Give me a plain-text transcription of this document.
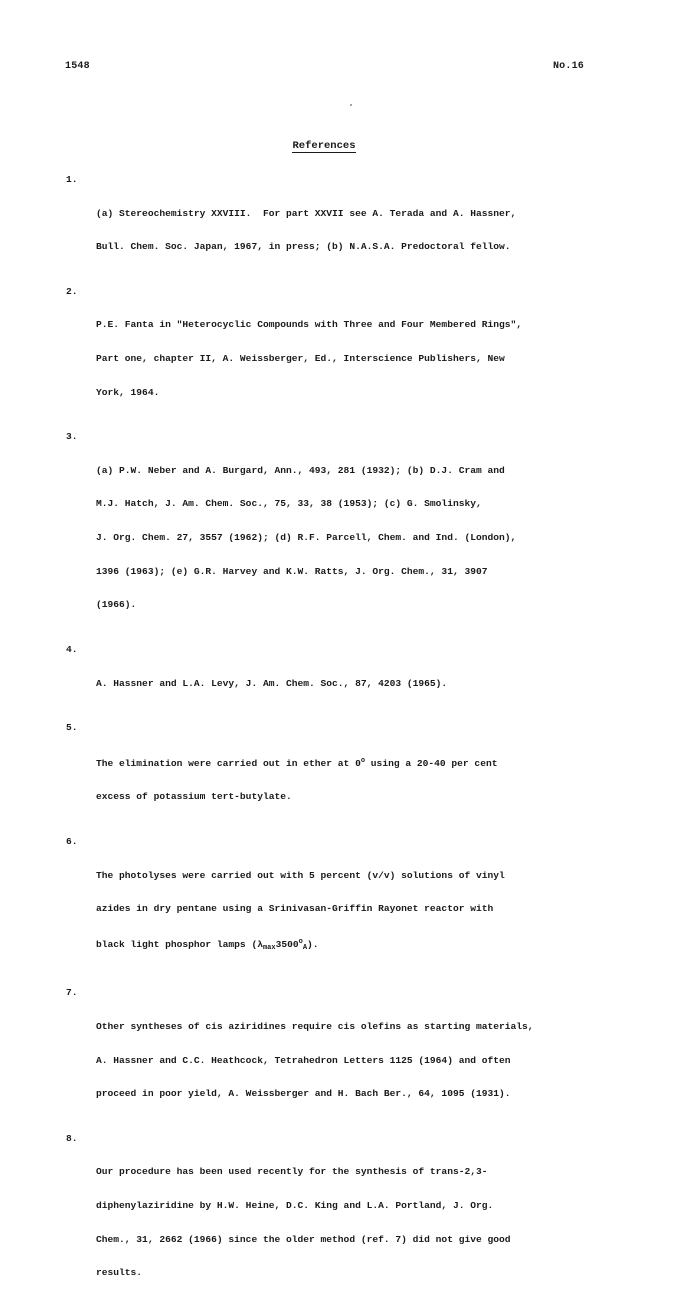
1548	No.16
References

1.

(a) Stereochemistry XXVIII.  For part XXVII see A. Terada and A. Hassner,

Bull. Chem. Soc. Japan, 1967, in press; (b) N.A.S.A. Predoctoral fellow.

2.

P.E. Fanta in "Heterocyclic Compounds with Three and Four Membered Rings",

Part one, chapter II, A. Weissberger, Ed., Interscience Publishers, New

York, 1964.

3.

(a) P.W. Neber and A. Burgard, Ann., 493, 281 (1932); (b) D.J. Cram and

M.J. Hatch, J. Am. Chem. Soc., 75, 33, 38 (1953); (c) G. Smolinsky,

J. Org. Chem. 27, 3557 (1962); (d) R.F. Parcell, Chem. and Ind. (London),

1396 (1963); (e) G.R. Harvey and K.W. Ratts, J. Org. Chem., 31, 3907

(1966).

4.

A. Hassner and L.A. Levy, J. Am. Chem. Soc., 87, 4203 (1965).

5.

The elimination were carried out in ether at 0$^o$ using a 20-40 per cent

excess of potassium tert-butylate.

6.

The photolyses were carried out with 5 percent (v/v) solutions of vinyl

azides in dry pentane using a Srinivasan-Griffin Rayonet reactor with

black light phosphor lamps $(\lambda_{max}3500^o_A)$.

7.

Other syntheses of cis aziridines require cis olefins as starting materials,

A. Hassner and C.C. Heathcock, Tetrahedron Letters 1125 (1964) and often

proceed in poor yield, A. Weissberger and H. Bach Ber., 64, 1095 (1931).

8.

Our procedure has been used recently for the synthesis of trans-2,3-

diphenylaziridine by H.W. Heine, D.C. King and L.A. Portland, J. Org.

Chem., 31, 2662 (1966) since the older method (ref. 7) did not give good

results.
